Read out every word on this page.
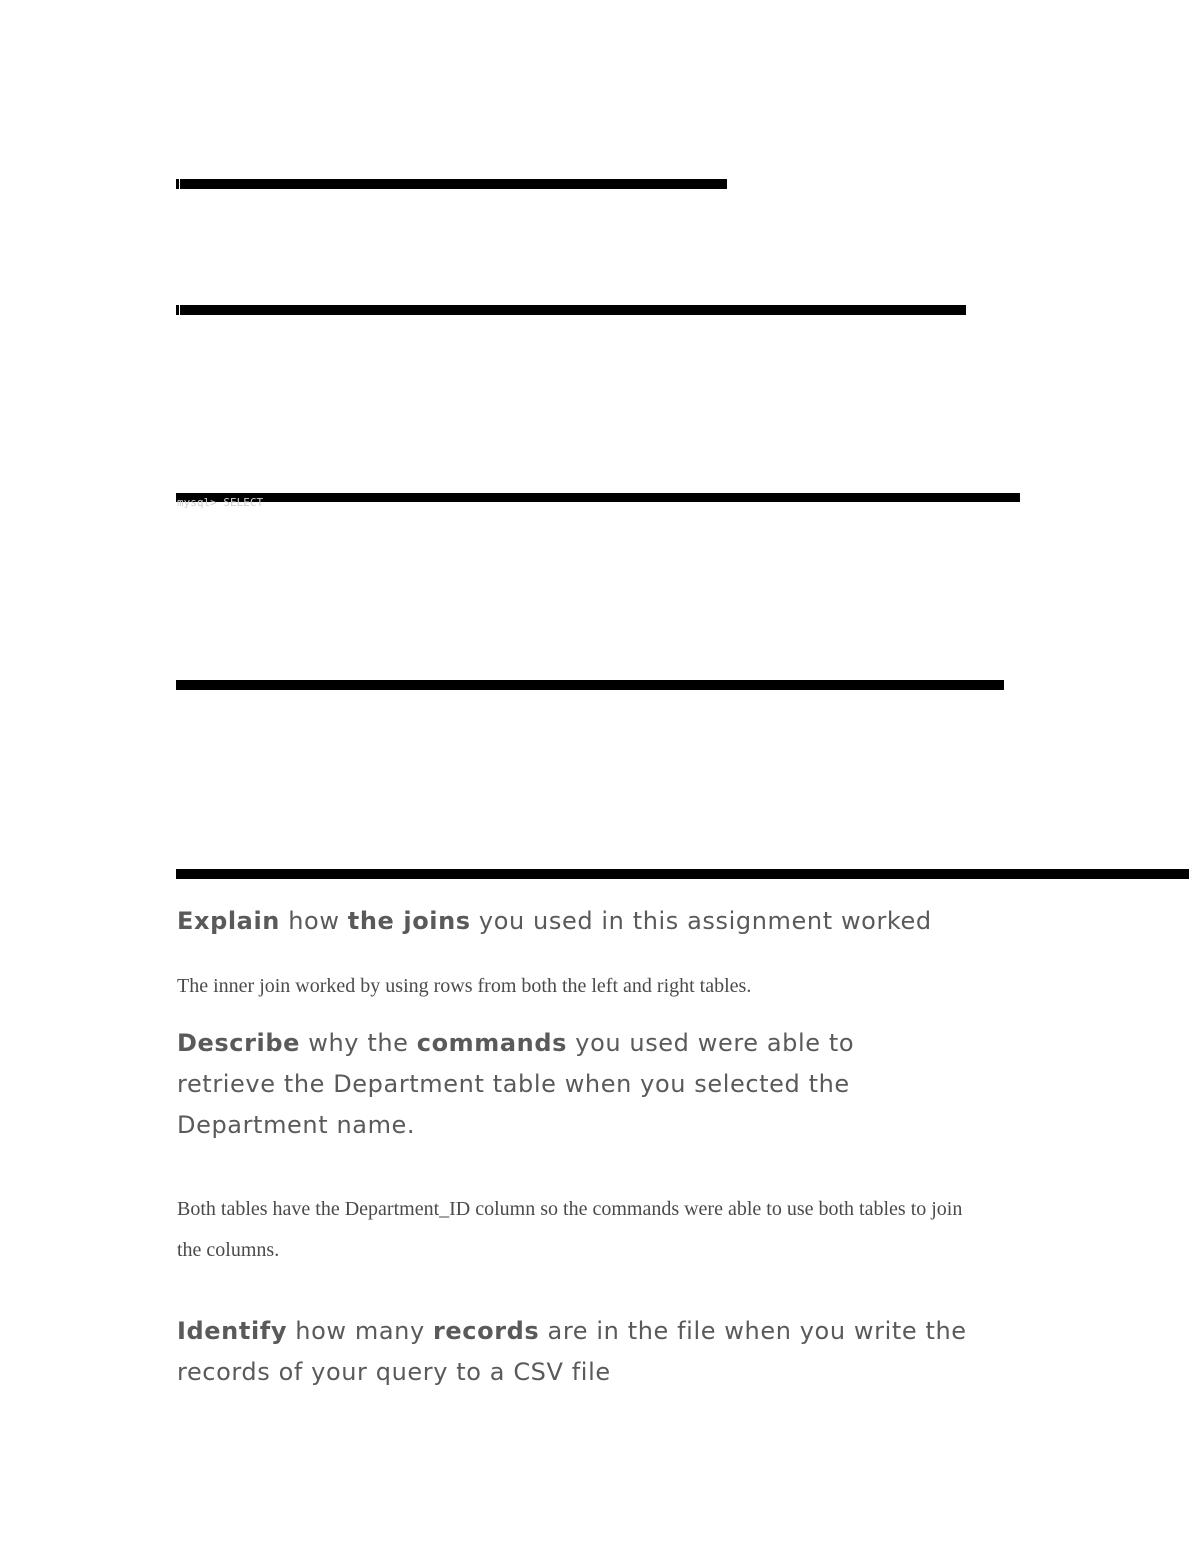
mysql> SELECT
Explain how the joins you used in this assignment worked

The inner join worked by using rows from both the left and right tables.

Describe why the commands you used were able to retrieve the Department table when you selected the Department name.

Both tables have the Department_ID column so the commands were able to use both tables to join the columns.

Identify how many records are in the file when you write the records of your query to a CSV file
